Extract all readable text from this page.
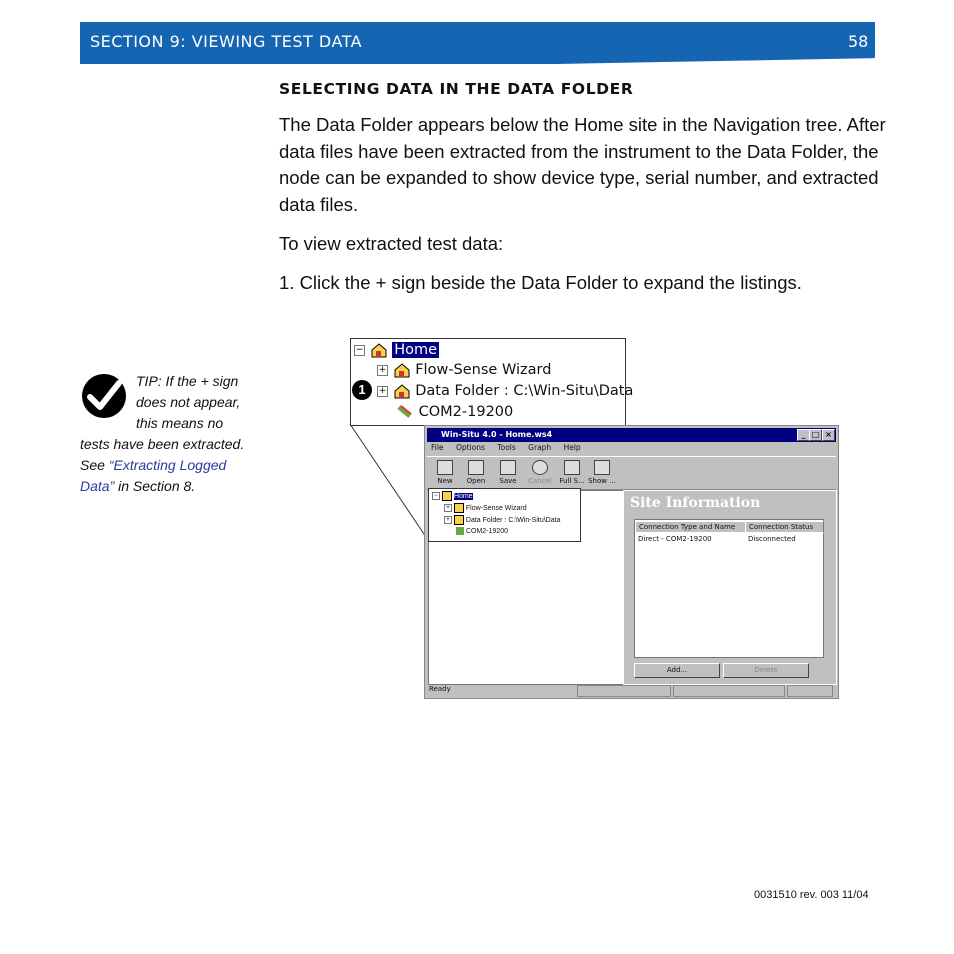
SECTION 9: VIEWING TEST DATA	58
SELECTING DATA IN THE DATA FOLDER
The Data Folder appears below the Home site in the Navigation tree. After data files have been extracted from the instrument to the Data Folder, the node can be expanded to show device type, serial number, and extracted data files.
To view extracted test data:
1. Click the + sign beside the Data Folder to expand the listings.
TIP: If the + sign
does not appear,
this means no
tests have been extracted.
See “Extracting Logged
Data” in Section 8.
− Home
+ Flow-Sense Wizard
+ Data Folder : C:\Win-Situ\Data
COM2-19200
1
Win-Situ 4.0 - Home.ws4	_ □ ×
File Options Tools Graph Help
New	Open	Save	Cancel	Full S... Show ...
Site Information
Connection Type and Name	Connection Status
Direct - COM2-19200	Disconnected
Add...	Delete
Ready
− Home
+ Flow-Sense Wizard
+ Data Folder : C:\Win-Situ\Data
COM2-19200
0031510 rev. 003 11/04
